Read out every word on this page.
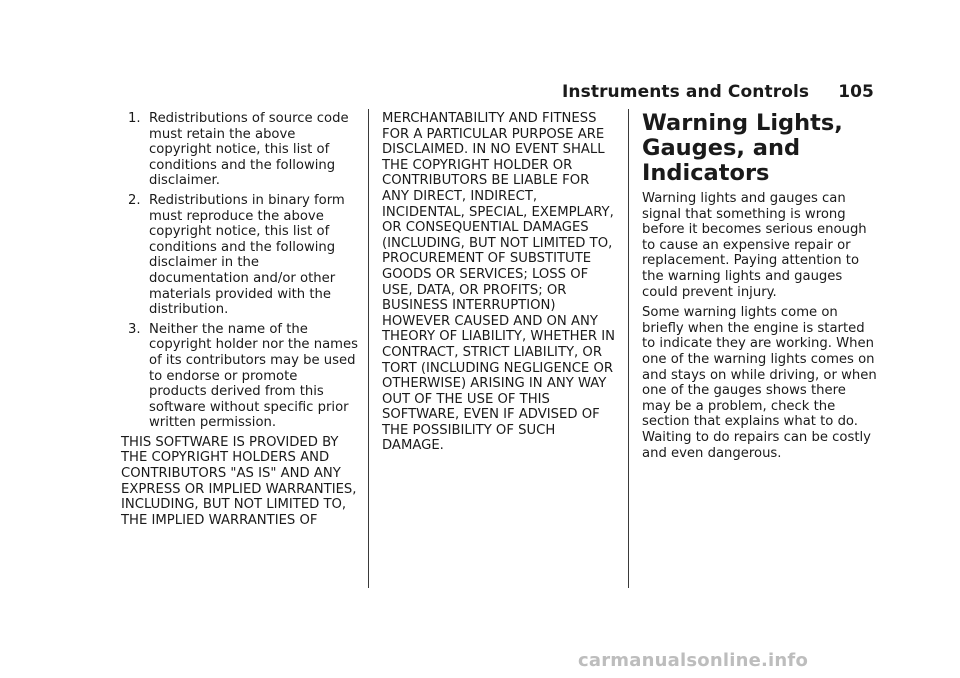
Instruments and Controls 105
1. Redistributions of source code must retain the above copyright notice, this list of conditions and the following disclaimer.
2. Redistributions in binary form must reproduce the above copyright notice, this list of conditions and the following disclaimer in the documentation and/or other materials provided with the distribution.
3. Neither the name of the copyright holder nor the names of its contributors may be used to endorse or promote products derived from this software without specific prior written permission.

THIS SOFTWARE IS PROVIDED BY THE COPYRIGHT HOLDERS AND CONTRIBUTORS "AS IS" AND ANY EXPRESS OR IMPLIED WARRANTIES, INCLUDING, BUT NOT LIMITED TO, THE IMPLIED WARRANTIES OF

MERCHANTABILITY AND FITNESS FOR A PARTICULAR PURPOSE ARE DISCLAIMED. IN NO EVENT SHALL THE COPYRIGHT HOLDER OR CONTRIBUTORS BE LIABLE FOR ANY DIRECT, INDIRECT, INCIDENTAL, SPECIAL, EXEMPLARY, OR CONSEQUENTIAL DAMAGES (INCLUDING, BUT NOT LIMITED TO, PROCUREMENT OF SUBSTITUTE GOODS OR SERVICES; LOSS OF USE, DATA, OR PROFITS; OR BUSINESS INTERRUPTION) HOWEVER CAUSED AND ON ANY THEORY OF LIABILITY, WHETHER IN CONTRACT, STRICT LIABILITY, OR TORT (INCLUDING NEGLIGENCE OR OTHERWISE) ARISING IN ANY WAY OUT OF THE USE OF THIS SOFTWARE, EVEN IF ADVISED OF THE POSSIBILITY OF SUCH DAMAGE.

Warning Lights, Gauges, and Indicators

Warning lights and gauges can signal that something is wrong before it becomes serious enough to cause an expensive repair or replacement. Paying attention to the warning lights and gauges could prevent injury.

Some warning lights come on briefly when the engine is started to indicate they are working. When one of the warning lights comes on and stays on while driving, or when one of the gauges shows there may be a problem, check the section that explains what to do. Waiting to do repairs can be costly and even dangerous.

carmanualsonline.info
